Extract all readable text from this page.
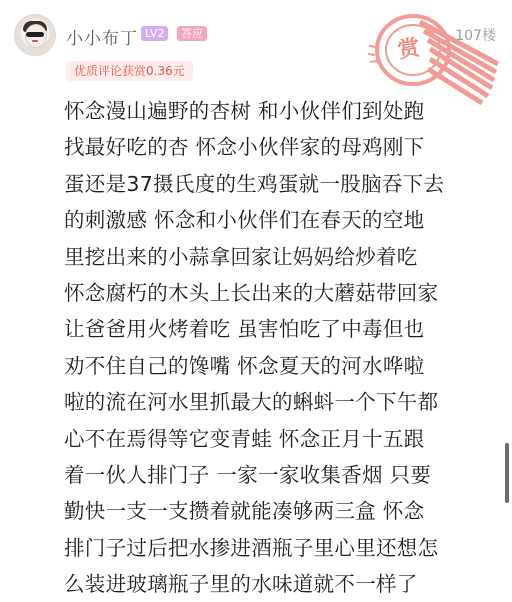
小小布丁 LV2	答应
优质评论获赏0.36元
107楼
赏
怀念漫山遍野的杏树 和小伙伴们到处跑
找最好吃的杏 怀念小伙伴家的母鸡刚下
蛋还是37摄氏度的生鸡蛋就一股脑吞下去
的刺激感 怀念和小伙伴们在春天的空地
里挖出来的小蒜拿回家让妈妈给炒着吃
怀念腐朽的木头上长出来的大蘑菇带回家
让爸爸用火烤着吃 虽害怕吃了中毒但也
劝不住自己的馋嘴 怀念夏天的河水哗啦
啦的流在河水里抓最大的蝌蚪一个下午都
心不在焉得等它变青蛙 怀念正月十五跟
着一伙人排门子 一家一家收集香烟 只要
勤快一支一支攒着就能凑够两三盒 怀念
排门子过后把水掺进酒瓶子里心里还想怎
么装进玻璃瓶子里的水味道就不一样了
